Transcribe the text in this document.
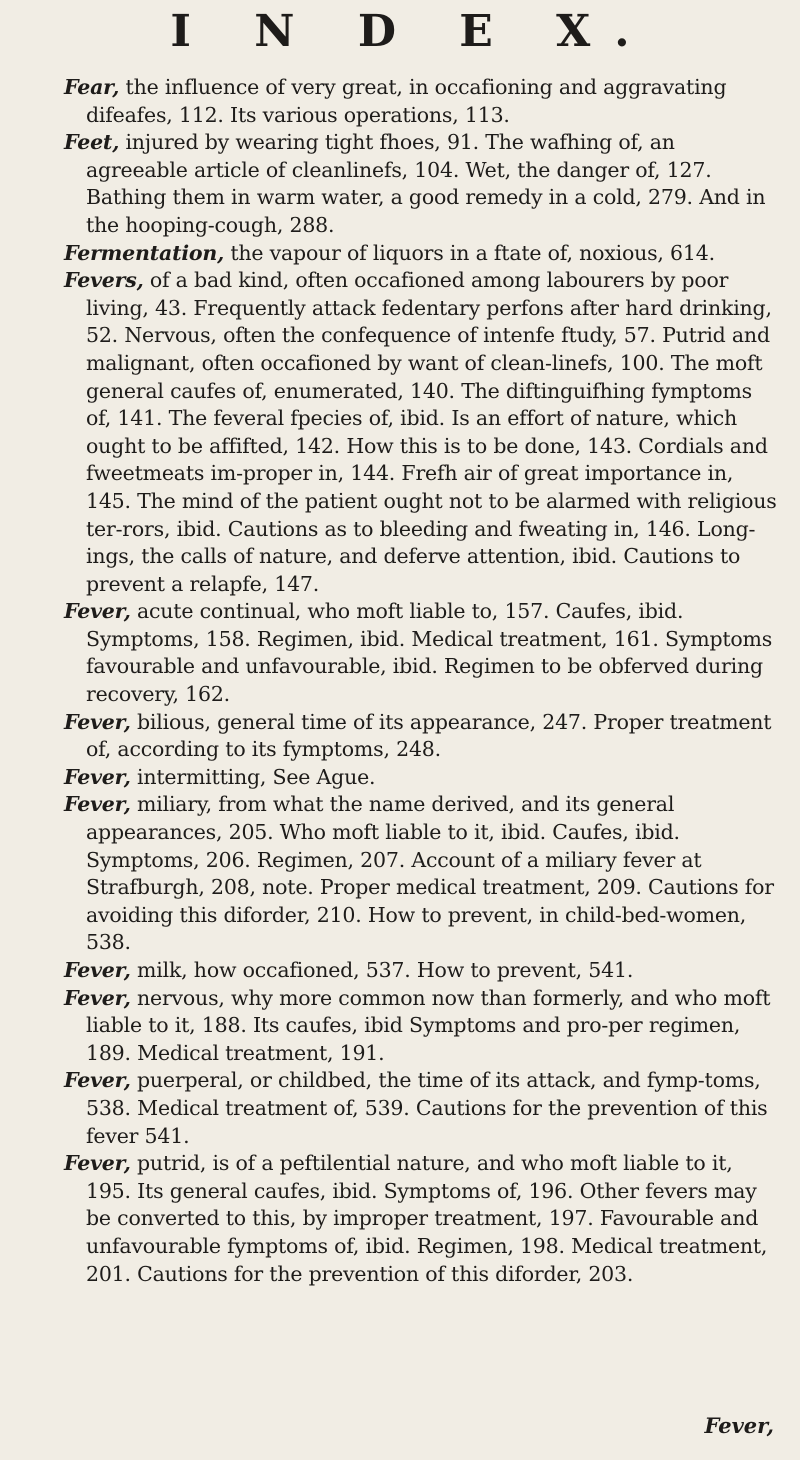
I N D E X.

Fear, the influence of very great, in occafioning and aggravating difeafes, 112. Its various operations, 113.

Feet, injured by wearing tight fhoes, 91. The wafhing of, an agreeable article of cleanlinefs, 104. Wet, the danger of, 127. Bathing them in warm water, a good remedy in a cold, 279. And in the hooping-cough, 288.

Fermentation, the vapour of liquors in a ftate of, noxious, 614.

Fevers, of a bad kind, often occafioned among labourers by poor living, 43. Frequently attack fedentary perfons after hard drinking, 52. Nervous, often the confequence of intenfe ftudy, 57. Putrid and malignant, often occafioned by want of clean-linefs, 100. The moft general caufes of, enumerated, 140. The diftinguifhing fymptoms of, 141. The feveral fpecies of, ibid. Is an effort of nature, which ought to be affifted, 142. How this is to be done, 143. Cordials and fweetmeats im-proper in, 144. Frefh air of great importance in, 145. The mind of the patient ought not to be alarmed with religious ter-rors, ibid. Cautions as to bleeding and fweating in, 146. Long-ings, the calls of nature, and deferve attention, ibid. Cautions to prevent a relapfe, 147.

Fever, acute continual, who moft liable to, 157. Caufes, ibid. Symptoms, 158. Regimen, ibid. Medical treatment, 161. Symptoms favourable and unfavourable, ibid. Regimen to be obferved during recovery, 162.

Fever, bilious, general time of its appearance, 247. Proper treatment of, according to its fymptoms, 248.

Fever, intermitting, See Ague.

Fever, miliary, from what the name derived, and its general appearances, 205. Who moft liable to it, ibid. Caufes, ibid. Symptoms, 206. Regimen, 207. Account of a miliary fever at Strafburgh, 208, note. Proper medical treatment, 209. Cautions for avoiding this diforder, 210. How to prevent, in child-bed-women, 538.

Fever, milk, how occafioned, 537. How to prevent, 541.

Fever, nervous, why more common now than formerly, and who moft liable to it, 188. Its caufes, ibid Symptoms and pro-per regimen, 189. Medical treatment, 191.

Fever, puerperal, or childbed, the time of its attack, and fymp-toms, 538. Medical treatment of, 539. Cautions for the prevention of this fever 541.

Fever, putrid, is of a peftilential nature, and who moft liable to it, 195. Its general caufes, ibid. Symptoms of, 196. Other fevers may be converted to this, by improper treatment, 197. Favourable and unfavourable fymptoms of, ibid. Regimen, 198. Medical treatment, 201. Cautions for the prevention of this diforder, 203.

Fever,
